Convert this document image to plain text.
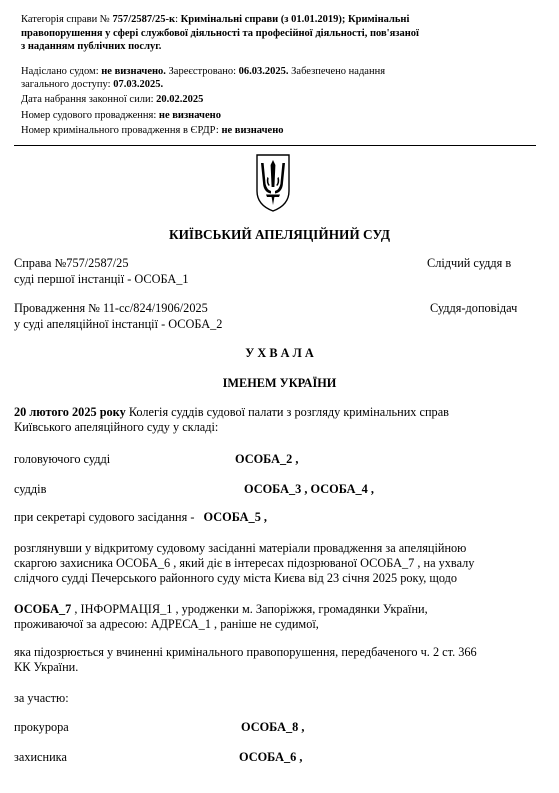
Категорія справи № 757/2587/25-к: Кримінальні справи (з 01.01.2019); Кримінальні
правопорушення у сфері службової діяльності та професійної діяльності, пов'язаної
з наданням публічних послуг.
Надіслано судом: не визначено. Зареєстровано: 06.03.2025. Забезпечено надання
загального доступу: 07.03.2025.
Дата набрання законної сили: 20.02.2025
Номер судового провадження: не визначено
Номер кримінального провадження в ЄРДР: не визначено
КИЇВСЬКИЙ АПЕЛЯЦІЙНИЙ СУД
Справа №757/2587/25	Слідчий суддя в
суді першої інстанції - ОСОБА_1
Провадження № 11-сс/824/1906/2025	Суддя-доповідач
у суді апеляційної інстанції - ОСОБА_2
У Х В А Л А
ІМЕНЕМ УКРАЇНИ
20 лютого 2025 року Колегія суддів судової палати з розгляду кримінальних справ
Київського апеляційного суду у складі:
головуючого судді	ОСОБА_2 ,
суддів	ОСОБА_3 , ОСОБА_4 ,
при секретарі судового засідання - ОСОБА_5 ,
розглянувши у відкритому судовому засіданні матеріали провадження за апеляційною
скаргою захисника ОСОБА_6 , який діє в інтересах підозрюваної ОСОБА_7 , на ухвалу
слідчого судді Печерського районного суду міста Києва від 23 січня 2025 року, щодо
ОСОБА_7 , ІНФОРМАЦІЯ_1 , уродженки м. Запоріжжя, громадянки України,
проживаючої за адресою: АДРЕСА_1 , раніше не судимої,
яка підозрюється у вчиненні кримінального правопорушення, передбаченого ч. 2 ст. 366
КК України.
за участю:
прокурора	ОСОБА_8 ,
захисника	ОСОБА_6 ,
